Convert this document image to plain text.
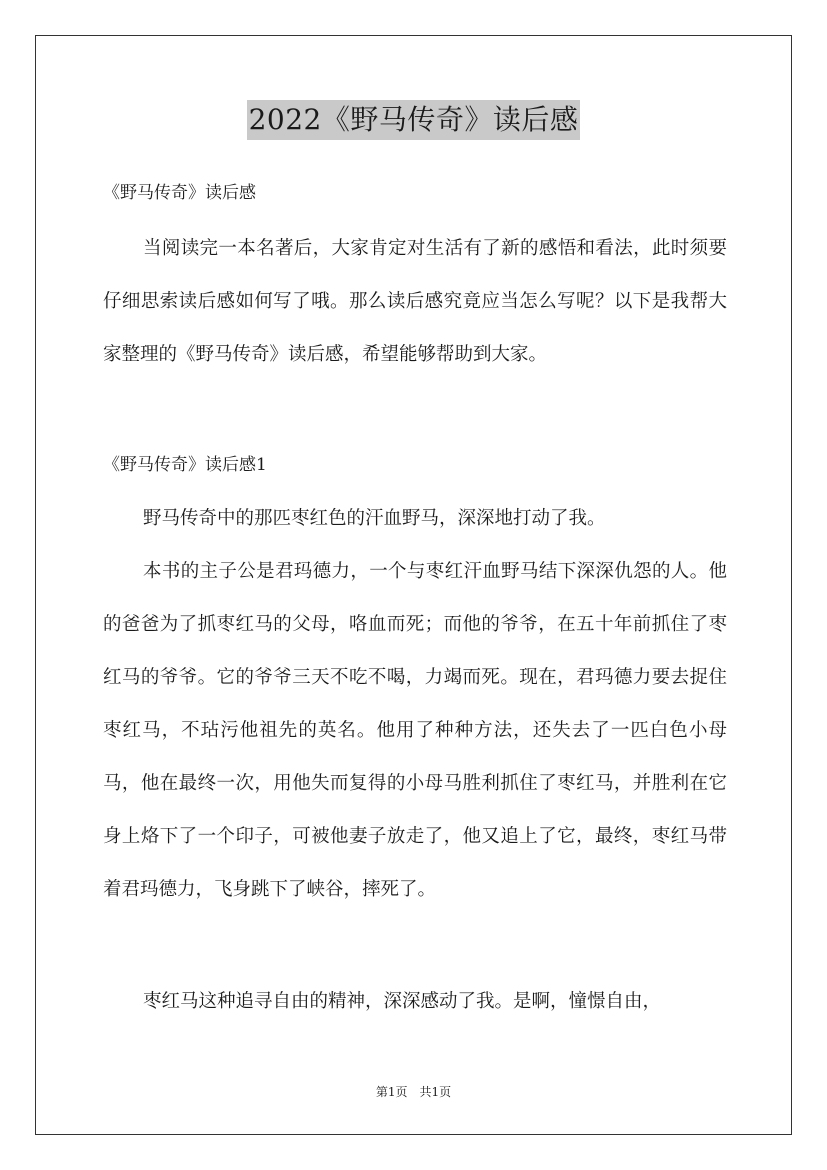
2022《野马传奇》读后感
《野马传奇》读后感

当阅读完一本名著后，大家肯定对生活有了新的感悟和看法，此时须要仔细思索读后感如何写了哦。那么读后感究竟应当怎么写呢？以下是我帮大家整理的《野马传奇》读后感，希望能够帮助到大家。

《野马传奇》读后感1

野马传奇中的那匹枣红色的汗血野马，深深地打动了我。

本书的主子公是君玛德力，一个与枣红汗血野马结下深深仇怨的人。他的爸爸为了抓枣红马的父母，咯血而死；而他的爷爷，在五十年前抓住了枣红马的爷爷。它的爷爷三天不吃不喝，力竭而死。现在，君玛德力要去捉住枣红马，不玷污他祖先的英名。他用了种种方法，还失去了一匹白色小母马，他在最终一次，用他失而复得的小母马胜利抓住了枣红马，并胜利在它身上烙下了一个印子，可被他妻子放走了，他又追上了它，最终，枣红马带着君玛德力，飞身跳下了峡谷，摔死了。

枣红马这种追寻自由的精神，深深感动了我。是啊，憧憬自由，

第1页　共1页
